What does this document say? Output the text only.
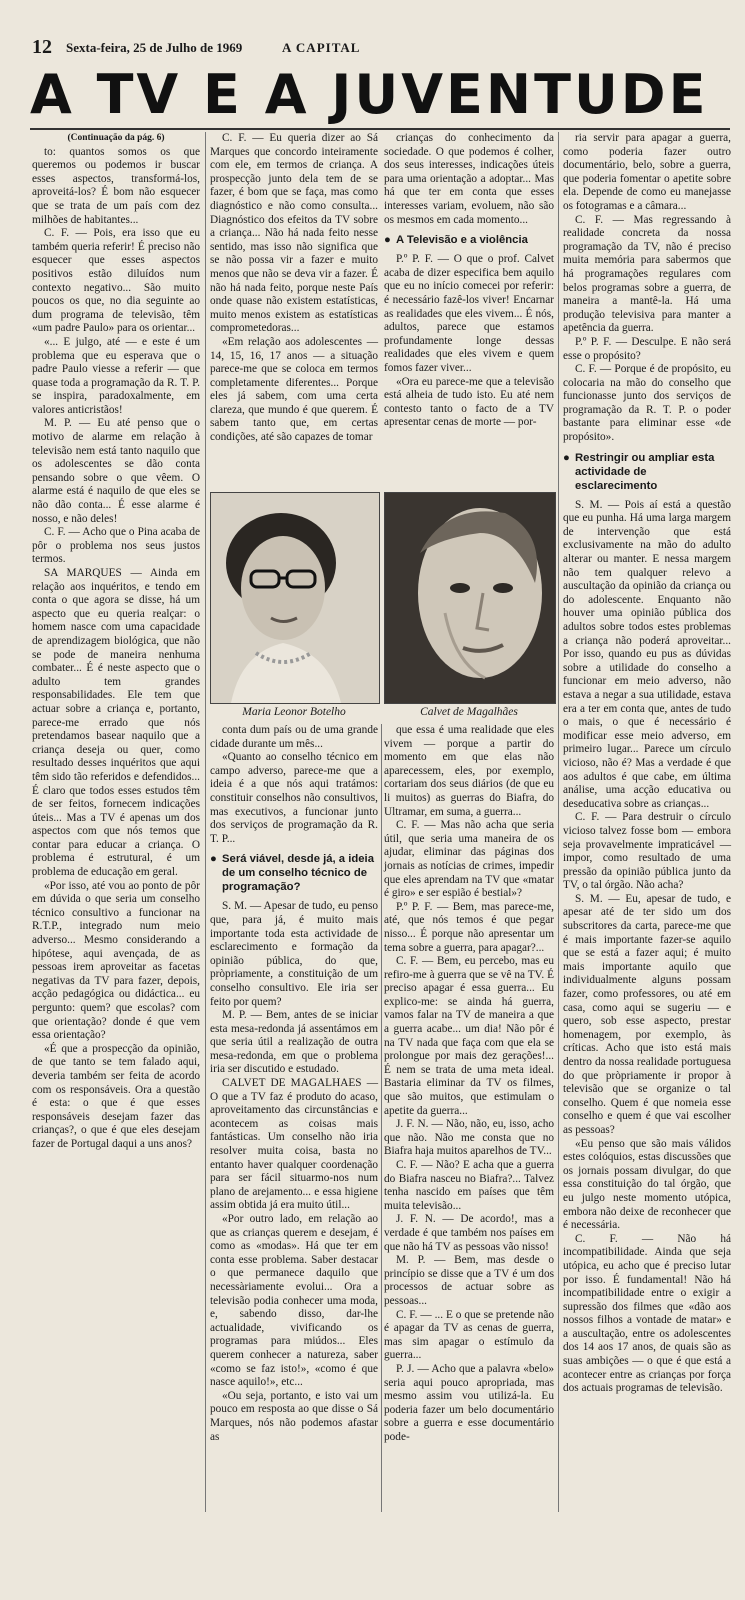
12 Sexta-feira, 25 de Julho de 1969	A CAPITAL
A TV E A JUVENTUDE

(Continuação da pág. 6)

to: quantos somos os que queremos ou podemos ir buscar esses aspectos, transformá-los, aproveitá-los? É bom não esquecer que se trata de um país com dez milhões de habitantes...

C. F. — Pois, era isso que eu também queria referir! É preciso não esquecer que esses aspectos positivos estão diluídos num contexto negativo... São muito poucos os que, no dia seguinte ao dum programa de televisão, têm «um padre Paulo» para os orientar...

«... E julgo, até — e este é um problema que eu esperava que o padre Paulo viesse a referir — que quase toda a programação da R. T. P. se inspira, paradoxalmente, em valores anticristãos!

M. P. — Eu até penso que o motivo de alarme em relação à televisão nem está tanto naquilo que os adolescentes se dão conta pensando sobre o que vêem. O alarme está é naquilo de que eles se não dão conta... É esse alarme é nosso, e não deles!

C. F. — Acho que o Pina acaba de pôr o problema nos seus justos termos.

SA MARQUES — Ainda em relação aos inquéritos, e tendo em conta o que agora se disse, há um aspecto que eu queria realçar: o homem nasce com uma capacidade de aprendizagem biológica, que não se pode de maneira nenhuma combater... É é neste aspecto que o adulto tem grandes responsabilidades. Ele tem que actuar sobre a criança e, portanto, parece-me errado que nós pretendamos basear naquilo que a criança deseja ou quer, como resultado desses inquéritos que aqui têm sido tão referidos e defendidos... É claro que todos esses estudos têm de ser feitos, fornecem indicações úteis... Mas a TV é apenas um dos aspectos com que nós temos que contar para educar a criança. O problema é estrutural, é um problema de educação em geral.

«Por isso, até vou ao ponto de pôr em dúvida o que seria um conselho técnico consultivo a funcionar na R.T.P., integrado num meio adverso... Mesmo considerando a hipótese, aqui avençada, de as pessoas irem aproveitar as facetas negativas da TV para fazer, depois, acção pedagógica ou didáctica... eu pergunto: quem? que escolas? com que orientação? donde é que vem essa orientação?

«É que a prospecção da opinião, de que tanto se tem falado aqui, deveria também ser feita de acordo com os responsáveis. Ora a questão é esta: o que é que esses responsáveis desejam fazer das crianças?, o que é que eles desejam fazer de Portugal daqui a uns anos?

C. F. — Eu queria dizer ao Sá Marques que concordo inteiramente com ele, em termos de criança. A prospecção junto dela tem de se fazer, é bom que se faça, mas como diagnóstico e não como consulta... Diagnóstico dos efeitos da TV sobre a criança... Não há nada feito nesse sentido, mas isso não significa que se não possa vir a fazer e muito menos que não se deva vir a fazer. É não há nada feito, porque neste País onde quase não existem estatísticas, muito menos existem as estatísticas comprometedoras...

«Em relação aos adolescentes — 14, 15, 16, 17 anos — a situação parece-me que se coloca em termos completamente diferentes... Porque eles já sabem, com uma certa clareza, que mundo é que querem. É sabem tanto que, em certas condições, até são capazes de tomar

crianças do conhecimento da sociedade. O que podemos é colher, dos seus interesses, indicações úteis para uma orientação a adoptar... Mas há que ter em conta que esses interesses variam, evoluem, não são os mesmos em cada momento...

● A Televisão e a violência

P.º P. F. — O que o prof. Calvet acaba de dizer especifica bem aquilo que eu no início comecei por referir: é necessário fazê-los viver! Encarnar as realidades que eles vivem... É nós, adultos, parece que estamos profundamente longe dessas realidades que eles vivem e quem fomos fazer viver...

«Ora eu parece-me que a televisão está alheia de tudo isto. Eu até nem contesto tanto o facto de a TV apresentar cenas de morte — por-

ria servir para apagar a guerra, como poderia fazer outro documentário, belo, sobre a guerra, que poderia fomentar o apetite sobre ela. Depende de como eu manejasse os fotogramas e a câmara...

C. F. — Mas regressando à realidade concreta da nossa programação da TV, não é preciso muita memória para sabermos que há programações regulares com belos programas sobre a guerra, de maneira a mantê-la. Há uma produção televisiva para manter a apetência da guerra.

P.º P. F. — Desculpe. E não será esse o propósito?

C. F. — Porque é de propósito, eu colocaria na mão do conselho que funcionasse junto dos serviços de programação da R. T. P. o poder bastante para eliminar esse «de propósito».

● Restringir ou ampliar esta actividade de esclarecimento

S. M. — Pois aí está a questão que eu punha. Há uma larga margem de intervenção que está exclusivamente na mão do adulto alterar ou manter. E nessa margem não tem qualquer relevo a auscultação da opinião da criança ou do adolescente. Enquanto não houver uma opinião pública dos adultos sobre todos estes problemas a criança não poderá aproveitar... Por isso, quando eu pus as dúvidas sobre a utilidade do conselho a funcionar em meio adverso, não estava a negar a sua utilidade, estava era a ter em conta que, antes de tudo o mais, o que é necessário é modificar esse meio adverso, em primeiro lugar... Parece um círculo vicioso, não é? Mas a verdade é que aos adultos é que cabe, em última análise, uma acção educativa ou deseducativa sobre as crianças...

C. F. — Para destruir o círculo vicioso talvez fosse bom — embora seja provavelmente impraticável — impor, como resultado de uma pressão da opinião pública junto da TV, o tal órgão. Não acha?

S. M. — Eu, apesar de tudo, e apesar até de ter sido um dos subscritores da carta, parece-me que é mais importante fazer-se aquilo que se está a fazer aqui; é muito mais importante aquilo que individualmente alguns possam fazer, como professores, ou até em casa, como aqui se sugeriu — e quero, sob esse aspecto, prestar homenagem, por exemplo, às críticas. Acho que isto está mais dentro da nossa realidade portuguesa do que pròpriamente ir propor à televisão que se organize o tal conselho. Quem é que nomeia esse conselho e quem é que vai escolher as pessoas?

«Eu penso que são mais válidos estes colóquios, estas discussões que os jornais possam divulgar, do que essa constituição do tal órgão, que eu julgo neste momento utópica, embora não deixe de reconhecer que é necessária.

C. F. — Não há incompatibilidade. Ainda que seja utópica, eu acho que é preciso lutar por isso. É fundamental! Não há incompatibilidade entre o exigir a supressão dos filmes que «dão aos nossos filhos a vontade de matar» e a auscultação, entre os adolescentes dos 14 aos 17 anos, de quais são as suas ambições — o que é que está a acontecer entre as crianças por força dos actuais programas de televisão.

Maria Leonor Botelho	Calvet de Magalhães

conta dum país ou de uma grande cidade durante um mês...

«Quanto ao conselho técnico em campo adverso, parece-me que a ideia é a que nós aqui tratámos: constituir conselhos não consultivos, mas executivos, a funcionar junto dos serviços de programação da R. T. P...

● Será viável, desde já, a ideia de um conselho técnico de programação?

S. M. — Apesar de tudo, eu penso que, para já, é muito mais importante toda esta actividade de esclarecimento e formação da opinião pública, do que, pròpriamente, a constituição de um conselho consultivo. Ele iria ser feito por quem?

M. P. — Bem, antes de se iniciar esta mesa-redonda já assentámos em que seria útil a realização de outra mesa-redonda, em que o problema iria ser discutido e estudado.

CALVET DE MAGALHAES — O que a TV faz é produto do acaso, aproveitamento das circunstâncias e acontecem as coisas mais fantásticas. Um conselho não iria resolver muita coisa, basta no entanto haver qualquer coordenação para ser fácil situarmo-nos num plano de arejamento... e essa higiene assim obtida já era muito útil...

«Por outro lado, em relação ao que as crianças querem e desejam, é como as «modas». Há que ter em conta esse problema. Saber destacar o que permanece daquilo que necessàriamente evolui... Ora a televisão podia conhecer uma moda, e, sabendo disso, dar-lhe actualidade, vivificando os programas para miúdos... Eles querem conhecer a natureza, saber «como se faz isto!», «como é que nasce aquilo!», etc...

«Ou seja, portanto, e isto vai um pouco em resposta ao que disse o Sá Marques, nós não podemos afastar as

que essa é uma realidade que eles vivem — porque a partir do momento em que elas não aparecessem, eles, por exemplo, cortariam dos seus diários (de que eu li muitos) as guerras do Biafra, do Ultramar, em suma, a guerra...

C. F. — Mas não acha que seria útil, que seria uma maneira de os ajudar, eliminar das páginas dos jornais as notícias de crimes, impedir que eles aprendam na TV que «matar é giro» e ser espião é bestial»?

P.º P. F. — Bem, mas parece-me, até, que nós temos é que pegar nisso... É porque não apresentar um tema sobre a guerra, para apagar?...

C. F. — Bem, eu percebo, mas eu refiro-me à guerra que se vê na TV. É preciso apagar é essa guerra... Eu explico-me: se ainda há guerra, vamos falar na TV de maneira a que a guerra acabe... um dia! Não pôr é na TV nada que faça com que ela se prolongue por mais dez gerações!... É nem se trata de uma meta ideal. Bastaria eliminar da TV os filmes, que são muitos, que estimulam o apetite da guerra...

J. F. N. — Não, não, eu, isso, acho que não. Não me consta que no Biafra haja muitos aparelhos de TV...

C. F. — Não? E acha que a guerra do Biafra nasceu no Biafra?... Talvez tenha nascido em países que têm muita televisão...

J. F. N. — De acordo!, mas a verdade é que também nos países em que não há TV as pessoas vão nisso!

M. P. — Bem, mas desde o princípio se disse que a TV é um dos processos de actuar sobre as pessoas...

C. F. — ... E o que se pretende não é apagar da TV as cenas de guerra, mas sim apagar o estímulo da guerra...

P. J. — Acho que a palavra «belo» seria aqui pouco apropriada, mas mesmo assim vou utilizá-la. Eu poderia fazer um belo documentário sobre a guerra e esse documentário pode-
